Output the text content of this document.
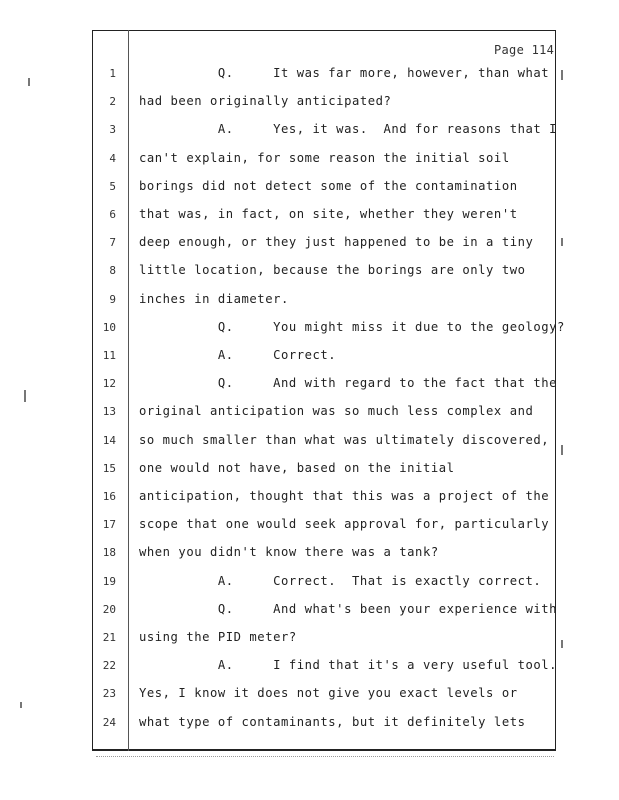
Page 114
1 Q.     It was far more, however, than what
2 had been originally anticipated?
3 A.     Yes, it was.  And for reasons that I
4 can't explain, for some reason the initial soil
5 borings did not detect some of the contamination
6 that was, in fact, on site, whether they weren't
7 deep enough, or they just happened to be in a tiny
8 little location, because the borings are only two
9 inches in diameter.
10 Q.     You might miss it due to the geology?
11 A.     Correct.
12 Q.     And with regard to the fact that the
13 original anticipation was so much less complex and
14 so much smaller than what was ultimately discovered,
15 one would not have, based on the initial
16 anticipation, thought that this was a project of the
17 scope that one would seek approval for, particularly
18 when you didn't know there was a tank?
19 A.     Correct.  That is exactly correct.
20 Q.     And what's been your experience with
21 using the PID meter?
22 A.     I find that it's a very useful tool.
23 Yes, I know it does not give you exact levels or
24 what type of contaminants, but it definitely lets
